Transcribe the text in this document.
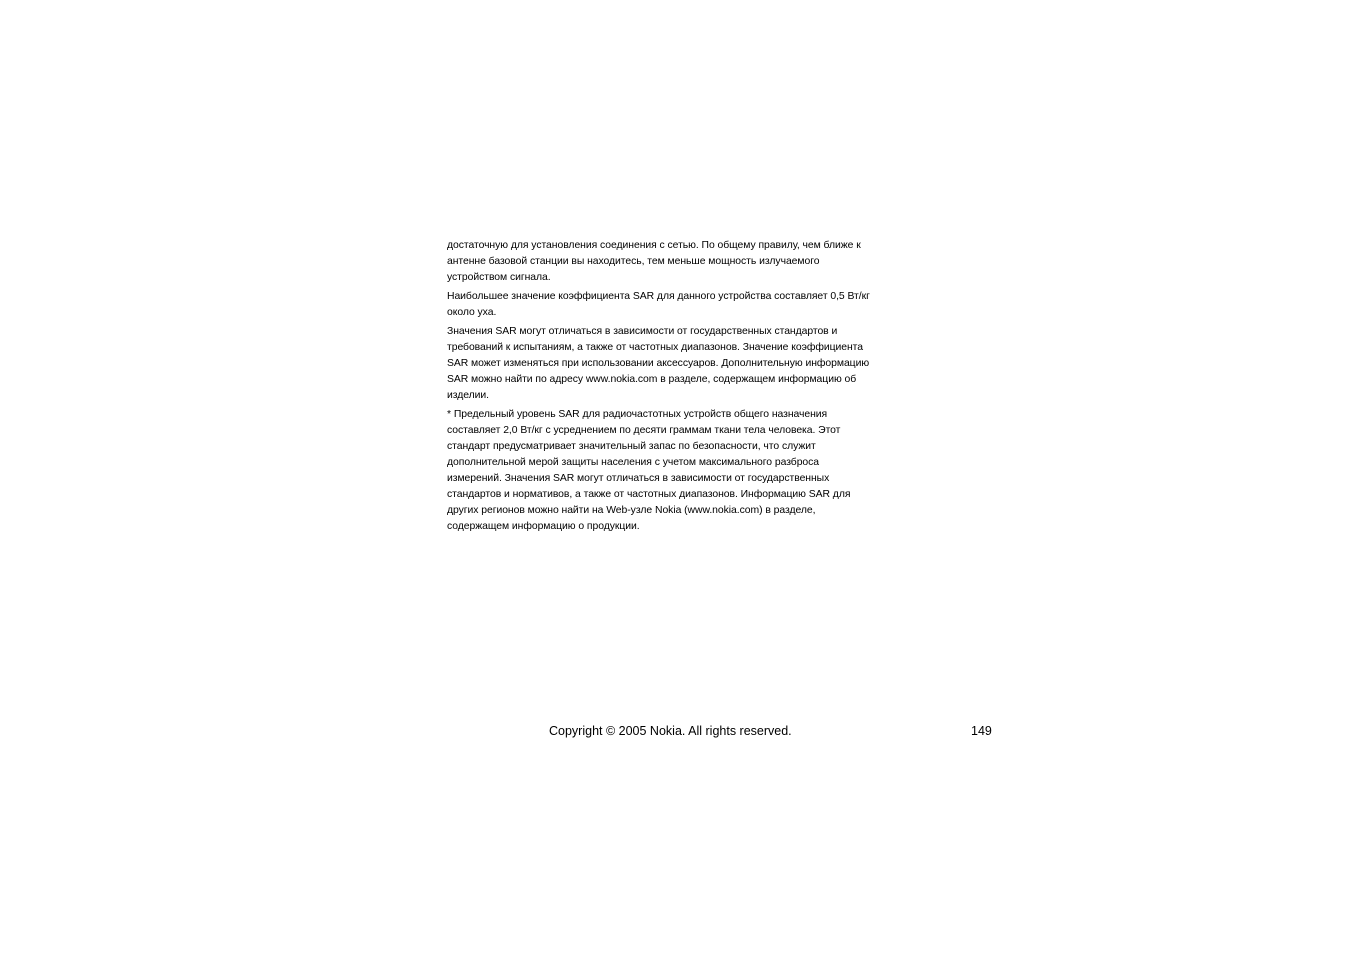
достаточную для установления соединения с сетью. По общему правилу, чем ближе к
антенне базовой станции вы находитесь, тем меньше мощность излучаемого
устройством сигнала.

Наибольшее значение коэффициента SAR для данного устройства составляет 0,5 Вт/кг
около уха.

Значения SAR могут отличаться в зависимости от государственных стандартов и
требований к испытаниям, а также от частотных диапазонов. Значение коэффициента
SAR может изменяться при использовании аксессуаров. Дополнительную информацию
SAR можно найти по адресу www.nokia.com в разделе, содержащем информацию об
изделии.

* Предельный уровень SAR для радиочастотных устройств общего назначения
составляет 2,0 Вт/кг с усреднением по десяти граммам ткани тела человека. Этот
стандарт предусматривает значительный запас по безопасности, что служит
дополнительной мерой защиты населения с учетом максимального разброса
измерений. Значения SAR могут отличаться в зависимости от государственных
стандартов и нормативов, а также от частотных диапазонов. Информацию SAR для
других регионов можно найти на Web-узле Nokia (www.nokia.com) в разделе,
содержащем информацию о продукции.

Copyright © 2005 Nokia. All rights reserved.	149
